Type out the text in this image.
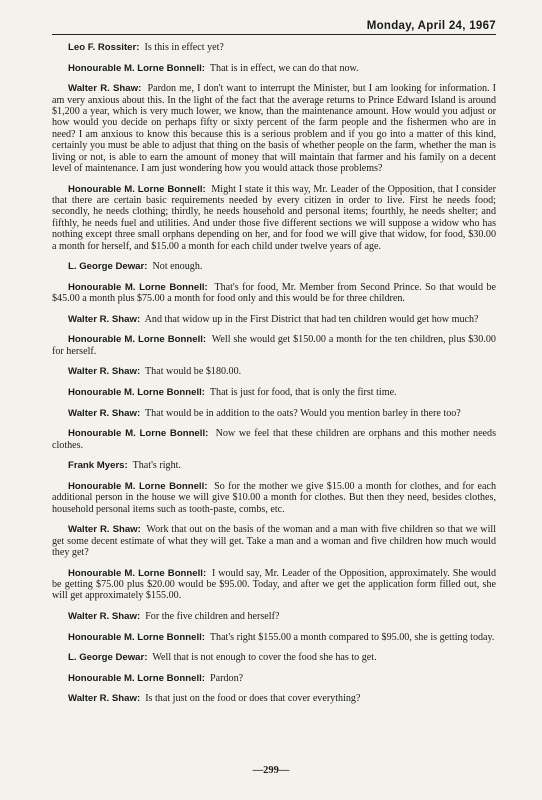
Monday, April 24, 1967

Leo F. Rossiter: Is this in effect yet?

Honourable M. Lorne Bonnell: That is in effect, we can do that now.

Walter R. Shaw: Pardon me, I don't want to interrupt the Minister, but I am looking for information. I am very anxious about this. In the light of the fact that the average returns to Prince Edward Island is around $1,200 a year, which is very much lower, we know, than the maintenance amount. How would you adjust or how would you decide on perhaps fifty or sixty percent of the farm people and the fishermen who are in need? I am anxious to know this because this is a serious problem and if you go into a matter of this kind, certainly you must be able to adjust that thing on the basis of whether people on the farm, whether the man is living or not, is able to earn the amount of money that will maintain that farmer and his family on a decent level of maintenance. I am just wondering how you would attack those problems?

Honourable M. Lorne Bonnell: Might I state it this way, Mr. Leader of the Opposition, that I consider that there are certain basic requirements needed by every citizen in order to live. First he needs food; secondly, he needs clothing; thirdly, he needs household and personal items; fourthly, he needs shelter; and fifthly, he needs fuel and utilities. And under those five different sections we will suppose a widow who has nothing except three small orphans depending on her, and for food we will give that widow, for food, $30.00 a month for herself, and $15.00 a month for each child under twelve years of age.

L. George Dewar: Not enough.

Honourable M. Lorne Bonnell: That's for food, Mr. Member from Second Prince. So that would be $45.00 a month plus $75.00 a month for food only and this would be for three children.

Walter R. Shaw: And that widow up in the First District that had ten children would get how much?

Honourable M. Lorne Bonnell: Well she would get $150.00 a month for the ten children, plus $30.00 for herself.

Walter R. Shaw: That would be $180.00.

Honourable M. Lorne Bonnell: That is just for food, that is only the first time.

Walter R. Shaw: That would be in addition to the oats? Would you mention barley in there too?

Honourable M. Lorne Bonnell: Now we feel that these children are orphans and this mother needs clothes.

Frank Myers: That's right.

Honourable M. Lorne Bonnell: So for the mother we give $15.00 a month for clothes, and for each additional person in the house we will give $10.00 a month for clothes. But then they need, besides clothes, household personal items such as tooth-paste, combs, etc.

Walter R. Shaw: Work that out on the basis of the woman and a man with five children so that we will get some decent estimate of what they will get. Take a man and a woman and five children how much would they get?

Honourable M. Lorne Bonnell: I would say, Mr. Leader of the Opposition, approximately. She would be getting $75.00 plus $20.00 would be $95.00. Today, and after we get the application form filled out, she will get approximately $155.00.

Walter R. Shaw: For the five children and herself?

Honourable M. Lorne Bonnell: That's right $155.00 a month compared to $95.00, she is getting today.

L. George Dewar: Well that is not enough to cover the food she has to get.

Honourable M. Lorne Bonnell: Pardon?

Walter R. Shaw: Is that just on the food or does that cover everything?

—299—
